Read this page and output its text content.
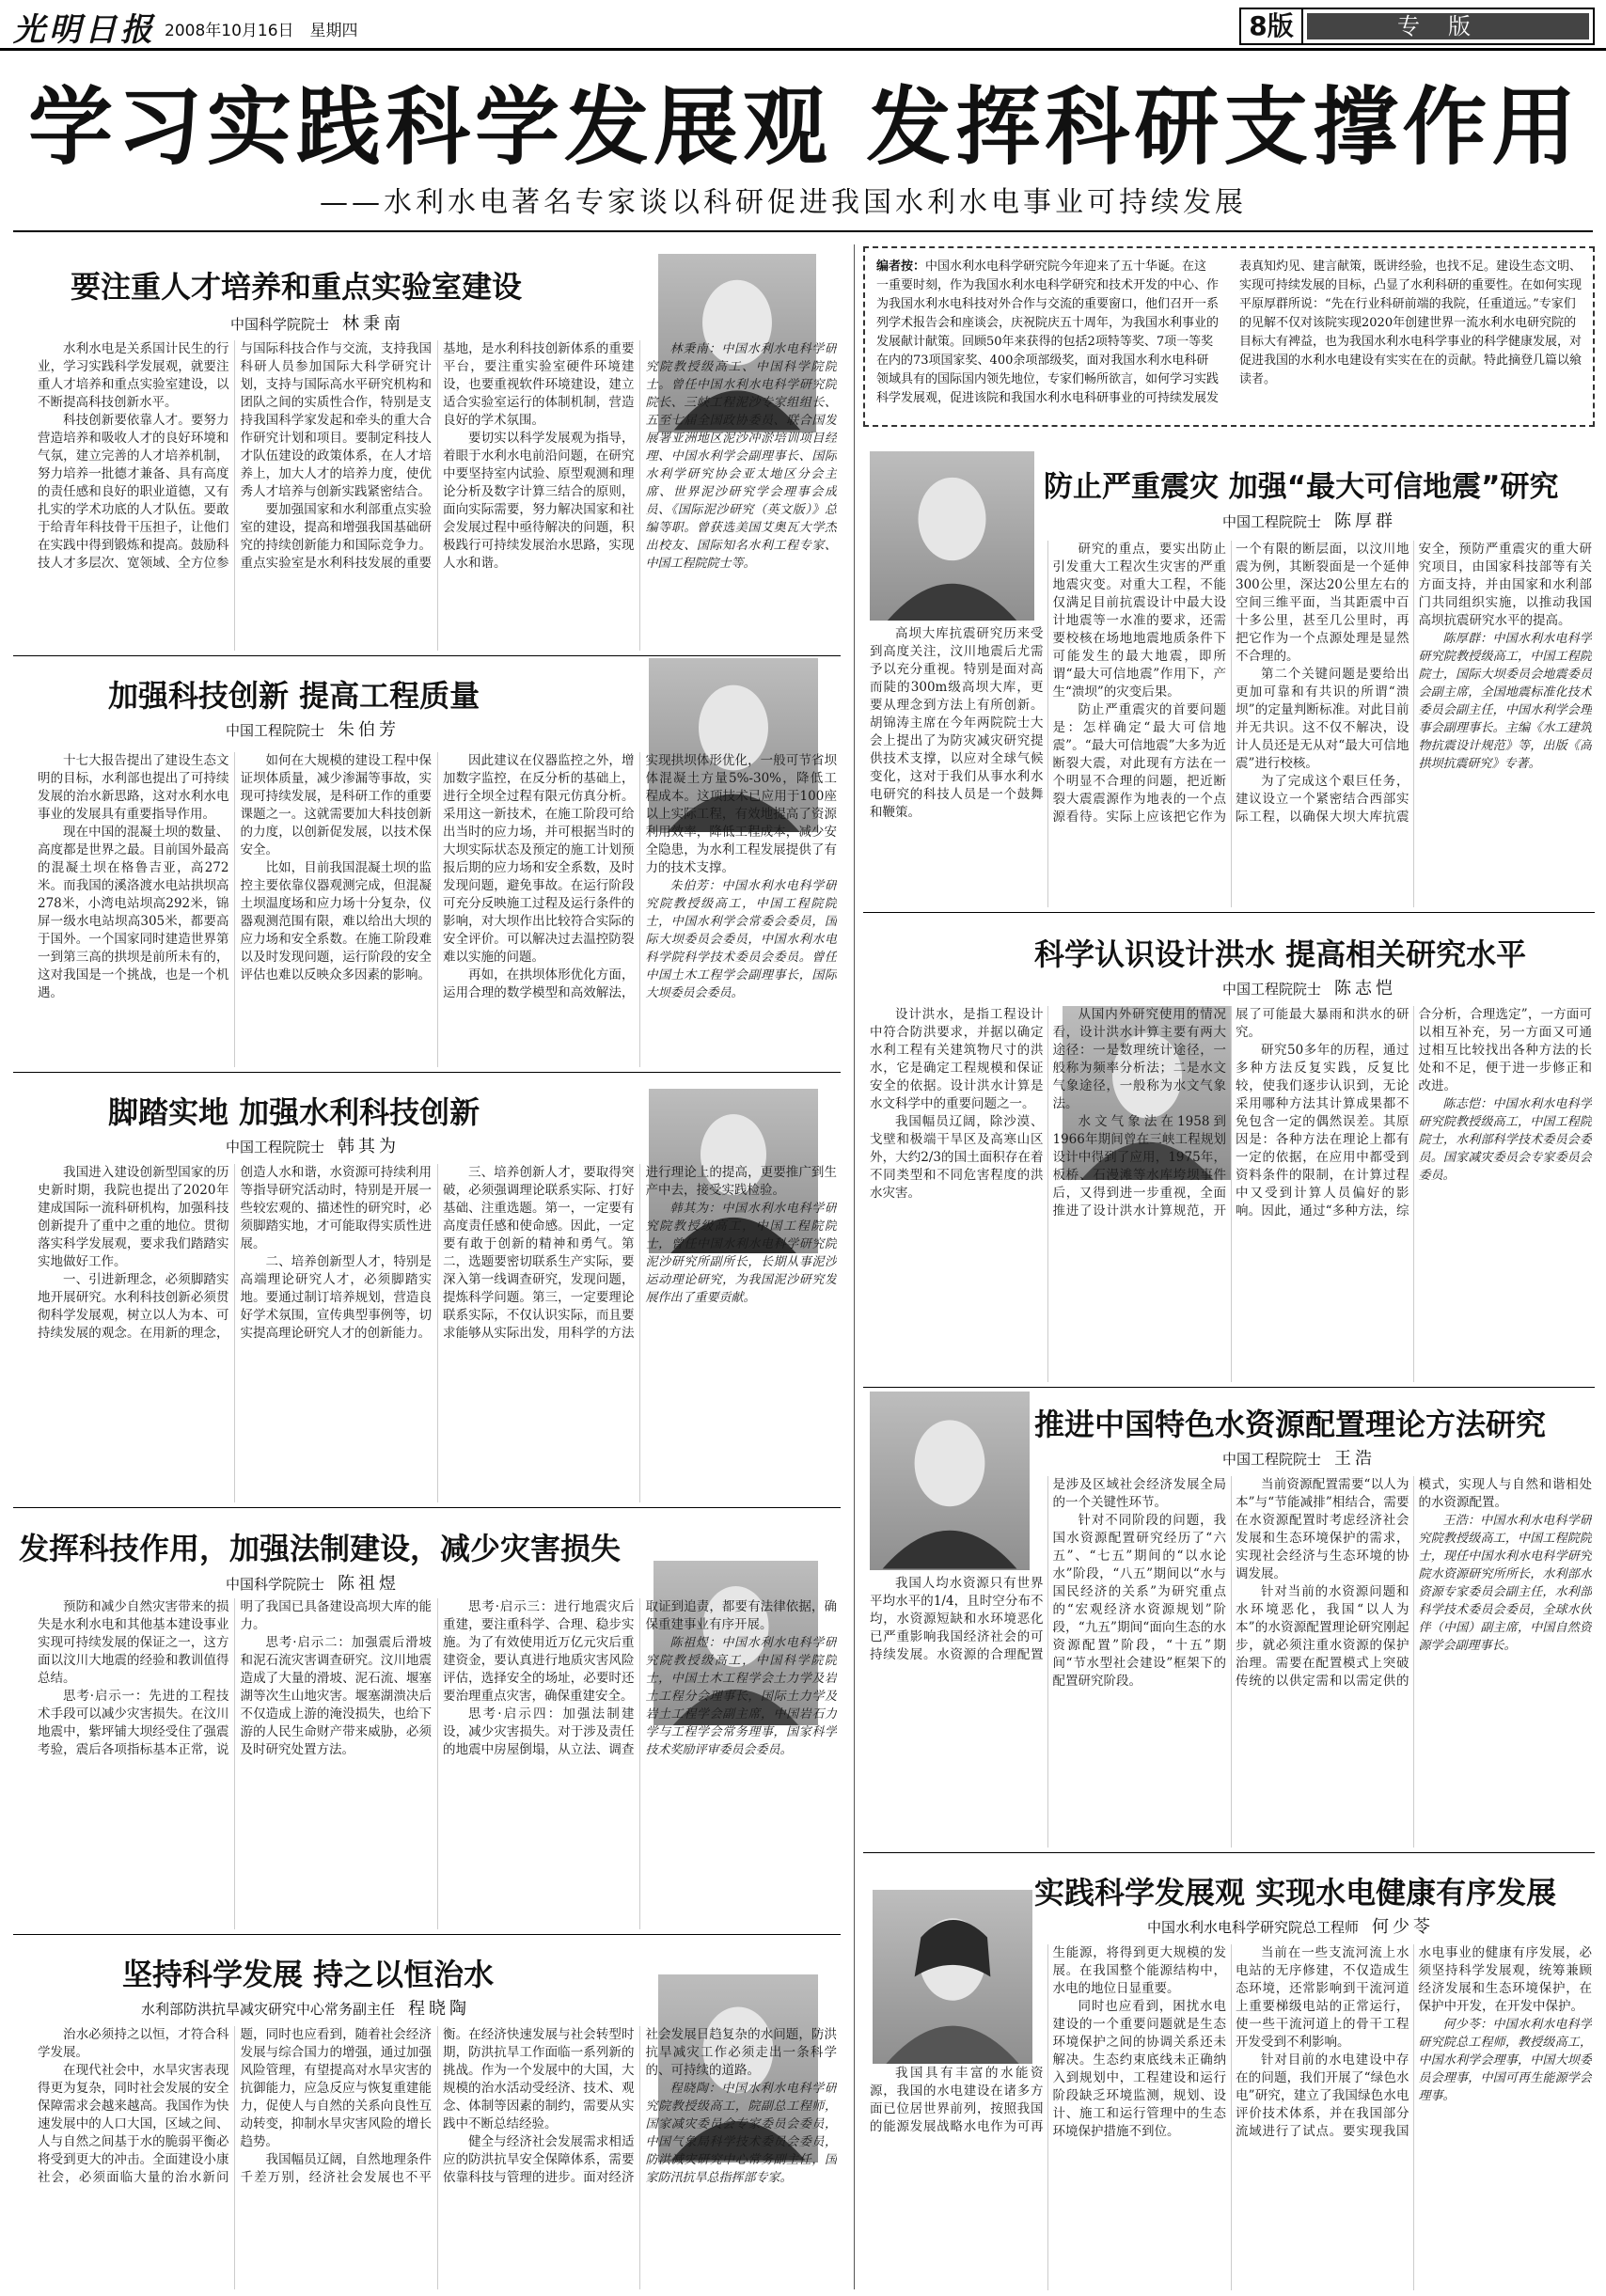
光明日报 2008年10月16日　星期四	8版	专版
学习实践科学发展观 发挥科研支撑作用
——水利水电著名专家谈以科研促进我国水利水电事业可持续发展
编者按：中国水利水电科学研究院今年迎来了五十华诞。在这一重要时刻，作为我国水利水电科学研究和技术开发的中心、作为我国水利水电科技对外合作与交流的重要窗口，他们召开一系列学术报告会和座谈会，庆祝院庆五十周年，为我国水利事业的发展献计献策。回顾50年来获得的包括2项特等奖、7项一等奖在内的73项国家奖、400余项部级奖，面对我国水利水电科研领域具有的国际国内领先地位，专家们畅所欲言，如何学习实践科学发展观，促进该院和我国水利水电科研事业的可持续发展发表真知灼见、建言献策，既讲经验，也找不足。建设生态文明、实现可持续发展的目标，凸显了水利科研的重要性。在如何实现平原厚群所说：“先在行业科研前端的我院，任重道远。”专家们的见解不仅对该院实现2020年创建世界一流水利水电研究院的目标大有裨益，也为我国水利水电科学事业的科学健康发展，对促进我国的水利水电建设有实实在在的贡献。特此摘登几篇以飨读者。
要注重人才培养和重点实验室建设
中国科学院院士 林秉南

水利水电是关系国计民生的行业，学习实践科学发展观，就要注重人才培养和重点实验室建设，以不断提高科技创新水平。

科技创新要依靠人才。要努力营造培养和吸收人才的良好环境和气氛，建立完善的人才培养机制，努力培养一批德才兼备、具有高度的责任感和良好的职业道德，又有扎实的学术功底的人才队伍。要敢于给青年科技骨干压担子，让他们在实践中得到锻炼和提高。鼓励科技人才多层次、宽领域、全方位参与国际科技合作与交流，支持我国科研人员参加国际大科学研究计划，支持与国际高水平研究机构和团队之间的实质性合作，特别是支持我国科学家发起和牵头的重大合作研究计划和项目。要制定科技人才队伍建设的政策体系，在人才培养上，加大人才的培养力度，使优秀人才培养与创新实践紧密结合。

要加强国家和水利部重点实验室的建设，提高和增强我国基础研究的持续创新能力和国际竞争力。重点实验室是水利科技发展的重要基地，是水利科技创新体系的重要平台，要注重实验室硬件环境建设，也要重视软件环境建设，建立适合实验室运行的体制机制，营造良好的学术氛围。

要切实以科学发展观为指导，着眼于水利水电前沿问题，在研究中要坚持室内试验、原型观测和理论分析及数字计算三结合的原则，面向实际需要，努力解决国家和社会发展过程中亟待解决的问题，积极践行可持续发展治水思路，实现人水和谐。

林秉南：中国水利水电科学研究院教授级高工、中国科学院院士。曾任中国水利水电科学研究院院长、三峡工程泥沙专家组组长、五至七届全国政协委员、联合国发展署亚洲地区泥沙冲淤培训项目经理、中国水利学会副理事长、国际水利学研究协会亚太地区分会主席、世界泥沙研究学会理事会成员、《国际泥沙研究（英文版）》总编等职。曾获选美国艾奥瓦大学杰出校友、国际知名水利工程专家、中国工程院院士等。

加强科技创新 提高工程质量
中国工程院院士 朱伯芳

十七大报告提出了建设生态文明的目标，水利部也提出了可持续发展的治水新思路，这对水利水电事业的发展具有重要指导作用。

现在中国的混凝土坝的数量、高度都是世界之最。目前国外最高的混凝土坝在格鲁吉亚，高272米。而我国的溪洛渡水电站拱坝高278米，小湾电站坝高292米，锦屏一级水电站坝高305米，都要高于国外。一个国家同时建造世界第一到第三高的拱坝是前所未有的，这对我国是一个挑战，也是一个机遇。

如何在大规模的建设工程中保证坝体质量，减少渗漏等事故，实现可持续发展，是科研工作的重要课题之一。这就需要加大科技创新的力度，以创新促发展，以技术保安全。

比如，目前我国混凝土坝的监控主要依靠仪器观测完成，但混凝土坝温度场和应力场十分复杂，仪器观测范围有限，难以给出大坝的应力场和安全系数。在施工阶段难以及时发现问题，运行阶段的安全评估也难以反映众多因素的影响。

因此建议在仪器监控之外，增加数字监控，在反分析的基础上，进行全坝全过程有限元仿真分析。采用这一新技术，在施工阶段可给出当时的应力场，并可根据当时的大坝实际状态及预定的施工计划预报后期的应力场和安全系数，及时发现问题，避免事故。在运行阶段可充分反映施工过程及运行条件的影响，对大坝作出比较符合实际的安全评价。可以解决过去温控防裂难以实施的问题。

再如，在拱坝体形优化方面，运用合理的数学模型和高效解法，实现拱坝体形优化，一般可节省坝体混凝土方量5%-30%，降低工程成本。这项技术已应用于100座以上实际工程，有效地提高了资源利用效率，降低工程成本，减少安全隐患，为水利工程发展提供了有力的技术支撑。

朱伯芳：中国水利水电科学研究院教授级高工，中国工程院院士，中国水利学会常委会委员，国际大坝委员会委员，中国水利水电科学院科学技术委员会委员。曾任中国土木工程学会副理事长，国际大坝委员会委员。

脚踏实地 加强水利科技创新
中国工程院院士 韩其为

我国进入建设创新型国家的历史新时期，我院也提出了2020年建成国际一流科研机构，加强科技创新提升了重中之重的地位。贯彻落实科学发展观，要求我们踏踏实实地做好工作。

一、引进新理念，必须脚踏实地开展研究。水利科技创新必须贯彻科学发展观，树立以人为本、可持续发展的观念。在用新的理念，创造人水和谐，水资源可持续利用等指导研究活动时，特别是开展一些较宏观的、描述性的研究时，必须脚踏实地，才可能取得实质性进展。

二、培养创新型人才，特别是高端理论研究人才，必须脚踏实地。要通过制订培养规划，营造良好学术氛围，宣传典型事例等，切实提高理论研究人才的创新能力。

三、培养创新人才，要取得突破，必须强调理论联系实际、打好基础、注重选题。第一，一定要有高度责任感和使命感。因此，一定要有敢于创新的精神和勇气。第二，选题要密切联系生产实际，要深入第一线调查研究，发现问题，提炼科学问题。第三，一定要理论联系实际，不仅认识实际，而且要求能够从实际出发，用科学的方法进行理论上的提高，更要推广到生产中去，接受实践检验。

韩其为：中国水利水电科学研究院教授级高工，中国工程院院士，曾任中国水利水电科学研究院泥沙研究所副所长，长期从事泥沙运动理论研究，为我国泥沙研究发展作出了重要贡献。

发挥科技作用，加强法制建设，减少灾害损失
中国科学院院士 陈祖煜

预防和减少自然灾害带来的损失是水利水电和其他基本建设事业实现可持续发展的保证之一，这方面以汶川大地震的经验和教训值得总结。

思考·启示一：先进的工程技术手段可以减少灾害损失。在汶川地震中，紫坪铺大坝经受住了强震考验，震后各项指标基本正常，说明了我国已具备建设高坝大库的能力。

思考·启示二：加强震后滑坡和泥石流灾害调查研究。汶川地震造成了大量的滑坡、泥石流、堰塞湖等次生山地灾害。堰塞湖溃决后不仅造成上游的淹没损失，也给下游的人民生命财产带来威胁，必须及时研究处置方法。

思考·启示三：进行地震灾后重建，要注重科学、合理、稳步实施。为了有效使用近万亿元灾后重建资金，要认真进行地质灾害风险评估，选择安全的场址，必要时还要治理重点灾害，确保重建安全。

思考·启示四：加强法制建设，减少灾害损失。对于涉及责任的地震中房屋倒塌，从立法、调查取证到追责，都要有法律依据，确保重建事业有序开展。

陈祖煜：中国水利水电科学研究院教授级高工，中国科学院院士，中国土木工程学会土力学及岩土工程分会理事长，国际土力学及岩土工程学会副主席，中国岩石力学与工程学会常务理事，国家科学技术奖励评审委员会委员。

坚持科学发展 持之以恒治水
水利部防洪抗旱减灾研究中心常务副主任 程晓陶

治水必须持之以恒，才符合科学发展。

在现代社会中，水旱灾害表现得更为复杂，同时社会发展的安全保障需求会越来越高。我国作为快速发展中的人口大国，区域之间、人与自然之间基于水的脆弱平衡必将受到更大的冲击。全面建设小康社会，必须面临大量的治水新问题，同时也应看到，随着社会经济发展与综合国力的增强，通过加强风险管理，有望提高对水旱灾害的抗御能力，应急反应与恢复重建能力，促使人与自然的关系向良性互动转变，抑制水旱灾害风险的增长趋势。

我国幅员辽阔，自然地理条件千差万别，经济社会发展也不平衡。在经济快速发展与社会转型时期，防洪抗旱工作面临一系列新的挑战。作为一个发展中的大国，大规模的治水活动受经济、技术、观念、体制等因素的制约，需要从实践中不断总结经验。

健全与经济社会发展需求相适应的防洪抗旱安全保障体系，需要依靠科技与管理的进步。面对经济社会发展日趋复杂的水问题，防洪抗旱减灾工作必须走出一条科学的、可持续的道路。

程晓陶：中国水利水电科学研究院教授级高工，院副总工程师，国家减灾委员会专家委员会委员，中国气象局科学技术委员会委员，防洪减灾研究中心常务副主任，国家防汛抗旱总指挥部专家。

防止严重震灾 加强“最大可信地震”研究
中国工程院院士 陈厚群

高坝大库抗震研究历来受到高度关注，汶川地震后尤需予以充分重视。特别是面对高而陡的300m级高坝大库，更要从理念到方法上有所创新。胡锦涛主席在今年两院院士大会上提出了为防灾减灾研究提供技术支撑，以应对全球气候变化，这对于我们从事水利水电研究的科技人员是一个鼓舞和鞭策。

研究的重点，要实出防止引发重大工程次生灾害的严重地震灾变。对重大工程，不能仅满足目前抗震设计中最大设计地震等一水准的要求，还需要校核在场地地震地质条件下可能发生的最大地震，即所谓“最大可信地震”作用下，产生“溃坝”的灾变后果。

防止严重震灾的首要问题是：怎样确定“最大可信地震”。“最大可信地震”大多为近断裂大震，对此现有方法在一个明显不合理的问题，把近断裂大震震源作为地表的一个点源看待。实际上应该把它作为一个有限的断层面，以汶川地震为例，其断裂面是一个延伸300公里，深达20公里左右的空间三维平面，当其距震中百十多公里，甚至几公里时，再把它作为一个点源处理是显然不合理的。

第二个关键问题是要给出更加可靠和有共识的所谓“溃坝”的定量判断标准。对此目前并无共识。这不仅不解决，设计人员还是无从对“最大可信地震”进行校核。

为了完成这个艰巨任务，建议设立一个紧密结合西部实际工程，以确保大坝大库抗震安全，预防严重震灾的重大研究项目，由国家科技部等有关方面支持，并由国家和水利部门共同组织实施，以推动我国高坝抗震研究水平的提高。

陈厚群：中国水利水电科学研究院教授级高工，中国工程院院士，国际大坝委员会地震委员会副主席，全国地震标准化技术委员会副主任，中国水利学会理事会副理事长。主编《水工建筑物抗震设计规范》等，出版《高拱坝抗震研究》专著。

科学认识设计洪水 提高相关研究水平
中国工程院院士 陈志恺

设计洪水，是指工程设计中符合防洪要求，并据以确定水利工程有关建筑物尺寸的洪水，它是确定工程规模和保证安全的依据。设计洪水计算是水文科学中的重要问题之一。

我国幅员辽阔，除沙漠、戈壁和极端干旱区及高寒山区外，大约2/3的国土面积存在着不同类型和不同危害程度的洪水灾害。

从国内外研究使用的情况看，设计洪水计算主要有两大途径：一是数理统计途径，一般称为频率分析法；二是水文气象途径，一般称为水文气象法。

水文气象法在1958到1966年期间曾在三峡工程规划设计中得到了应用，1975年，板桥、石漫滩等水库垮坝事件后，又得到进一步重视，全面推进了设计洪水计算规范，开展了可能最大暴雨和洪水的研究。

研究50多年的历程，通过多种方法反复实践，反复比较，使我们逐步认识到，无论采用哪种方法其计算成果都不免包含一定的偶然误差。其原因是：各种方法在理论上都有一定的依据，在应用中都受到资料条件的限制，在计算过程中又受到计算人员偏好的影响。因此，通过“多种方法，综合分析，合理选定”，一方面可以相互补充，另一方面又可通过相互比较找出各种方法的长处和不足，便于进一步修正和改进。

陈志恺：中国水利水电科学研究院教授级高工，中国工程院院士，水利部科学技术委员会委员。国家减灾委员会专家委员会委员。

推进中国特色水资源配置理论方法研究
中国工程院院士 王浩

我国人均水资源只有世界平均水平的1/4，且时空分布不均，水资源短缺和水环境恶化已严重影响我国经济社会的可持续发展。水资源的合理配置是涉及区域社会经济发展全局的一个关键性环节。

针对不同阶段的问题，我国水资源配置研究经历了“六五”、“七五”期间的“以水论水”阶段，“八五”期间以“水与国民经济的关系”为研究重点的“宏观经济水资源规划”阶段，“九五”期间“面向生态的水资源配置”阶段，“十五”期间“节水型社会建设”框架下的配置研究阶段。

当前资源配置需要“以人为本”与“节能减排”相结合，需要在水资源配置时考虑经济社会发展和生态环境保护的需求，实现社会经济与生态环境的协调发展。

针对当前的水资源问题和水环境恶化，我国“以人为本”的水资源配置理论研究刚起步，就必须注重水资源的保护治理。需要在配置模式上突破传统的以供定需和以需定供的模式，实现人与自然和谐相处的水资源配置。

王浩：中国水利水电科学研究院教授级高工，中国工程院院士，现任中国水利水电科学研究院水资源研究所所长，水利部水资源专家委员会副主任，水利部科学技术委员会委员，全球水伙伴（中国）副主席，中国自然资源学会副理事长。

实践科学发展观 实现水电健康有序发展
中国水利水电科学研究院总工程师 何少苓

我国具有丰富的水能资源，我国的水电建设在诸多方面已位居世界前列，按照我国的能源发展战略水电作为可再生能源，将得到更大规模的发展。在我国整个能源结构中，水电的地位日显重要。

同时也应看到，困扰水电建设的一个重要问题就是生态环境保护之间的协调关系还未解决。生态约束底线未正确纳入到规划中，工程建设和运行阶段缺乏环境监测，规划、设计、施工和运行管理中的生态环境保护措施不到位。

当前在一些支流河流上水电站的无序修建，不仅造成生态环境，还常影响到干流河道上重要梯级电站的正常运行，使一些干流河道上的骨干工程开发受到不利影响。

针对目前的水电建设中存在的问题，我们开展了“绿色水电”研究，建立了我国绿色水电评价技术体系，并在我国部分流域进行了试点。要实现我国水电事业的健康有序发展，必须坚持科学发展观，统筹兼顾经济发展和生态环境保护，在保护中开发，在开发中保护。

何少苓：中国水利水电科学研究院总工程师，教授级高工，中国水利学会理事，中国大坝委员会理事，中国可再生能源学会理事。
